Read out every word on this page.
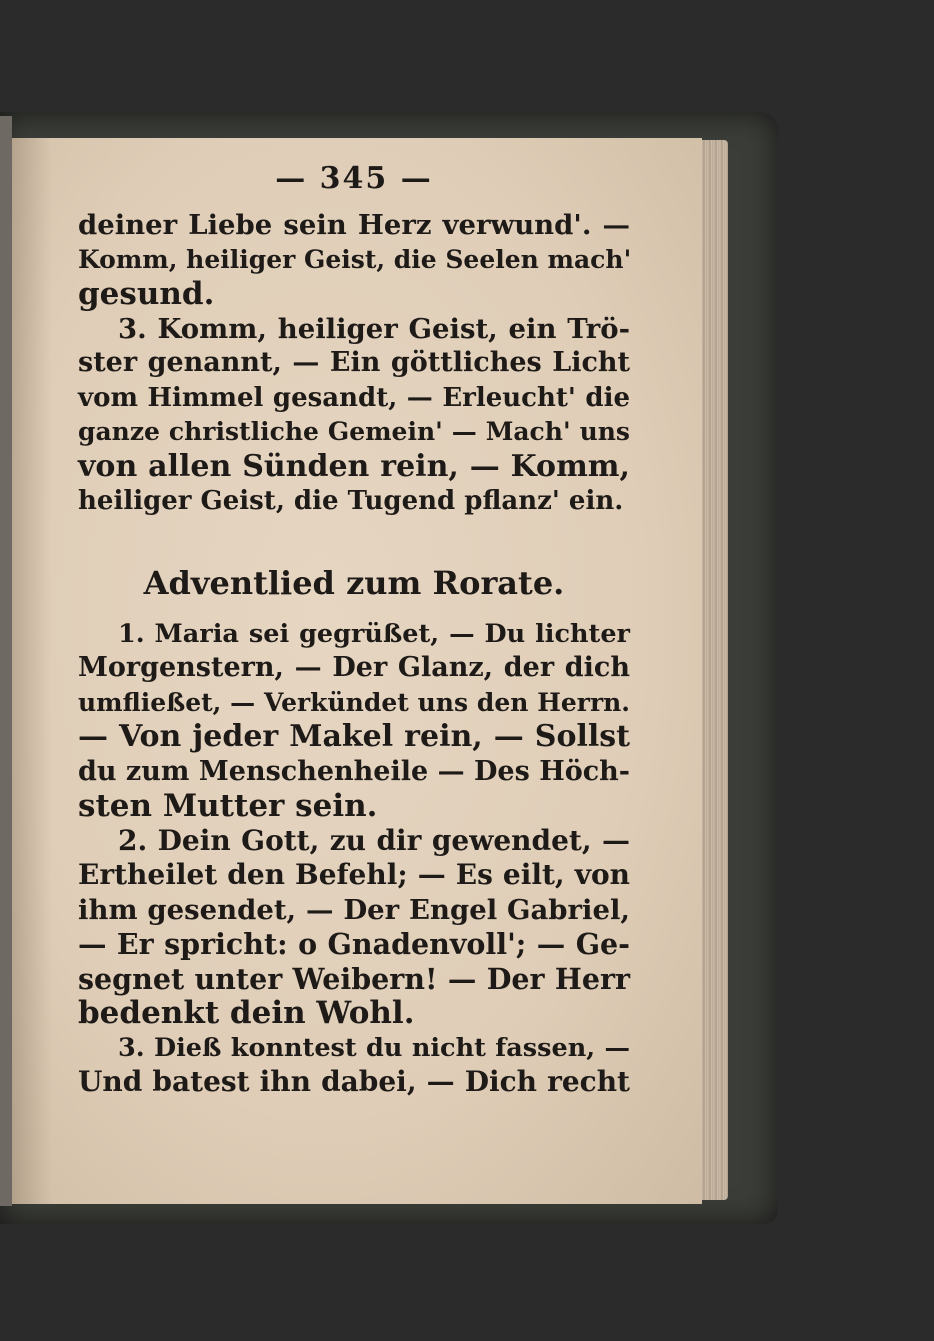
— 345 —
deiner Liebe sein Herz verwund'. —
Komm, heiliger Geist, die Seelen mach'
gesund.
3. Komm, heiliger Geist, ein Trö-
ster genannt, — Ein göttliches Licht
vom Himmel gesandt, — Erleucht' die
ganze christliche Gemein' — Mach' uns
von allen Sünden rein, — Komm,
heiliger Geist, die Tugend pflanz' ein.
Adventlied zum Rorate.
1. Maria sei gegrüßet, — Du lichter
Morgenstern, — Der Glanz, der dich
umfließet, — Verkündet uns den Herrn.
— Von jeder Makel rein, — Sollst
du zum Menschenheile — Des Höch-
sten Mutter sein.
2. Dein Gott, zu dir gewendet, —
Ertheilet den Befehl; — Es eilt, von
ihm gesendet, — Der Engel Gabriel,
— Er spricht: o Gnadenvoll'; — Ge-
segnet unter Weibern! — Der Herr
bedenkt dein Wohl.
3. Dieß konntest du nicht fassen, —
Und batest ihn dabei, — Dich recht
